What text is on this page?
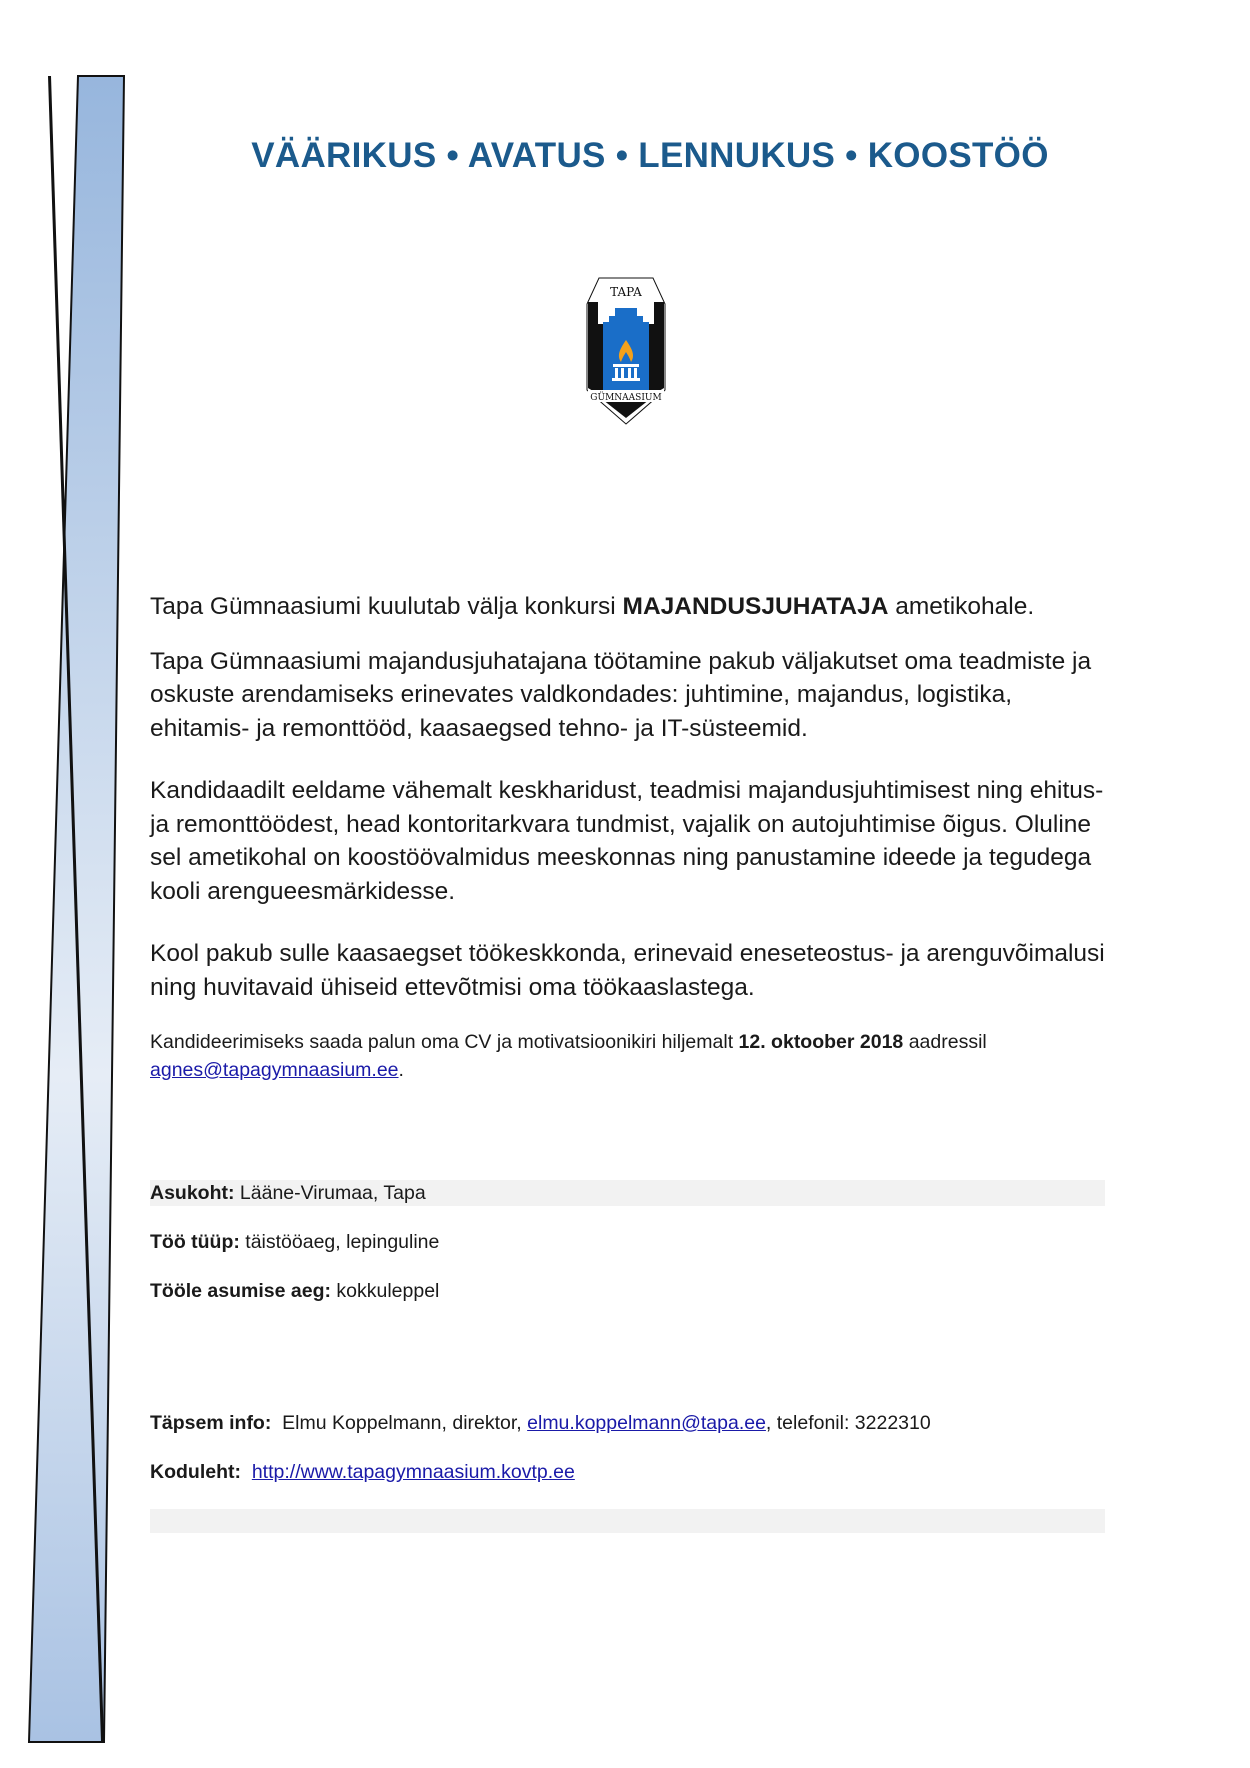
VÄÄRIKUS • AVATUS • LENNUKUS • KOOSTÖÖ
TAPA
GÜMNAASIUM

Tapa Gümnaasiumi kuulutab välja konkursi MAJANDUSJUHATAJA ametikohale.

Tapa Gümnaasiumi majandusjuhatajana töötamine pakub väljakutset oma teadmiste ja oskuste arendamiseks erinevates valdkondades: juhtimine, majandus, logistika, ehitamis- ja remonttööd, kaasaegsed tehno- ja IT-süsteemid.

Kandidaadilt eeldame vähemalt keskharidust, teadmisi majandusjuhtimisest ning ehitus- ja remonttöödest, head kontoritarkvara tundmist, vajalik on autojuhtimise õigus. Oluline sel ametikohal on koostöövalmidus meeskonnas ning panustamine ideede ja tegudega kooli arengueesmärkidesse.

Kool pakub sulle kaasaegset töökeskkonda, erinevaid eneseteostus- ja arenguvõimalusi ning huvitavaid ühiseid ettevõtmisi oma töökaaslastega.

Kandideerimiseks saada palun oma CV ja motivatsioonikiri hiljemalt 12. oktoober 2018 aadressil
agnes@tapagymnaasium.ee.

Asukoht: Lääne-Virumaa, Tapa
Töö tüüp: täistööaeg, lepinguline
Tööle asumise aeg: kokkuleppel
Täpsem info:  Elmu Koppelmann, direktor, elmu.koppelmann@tapa.ee, telefonil: 3222310
Koduleht: http://www.tapagymnaasium.kovtp.ee
